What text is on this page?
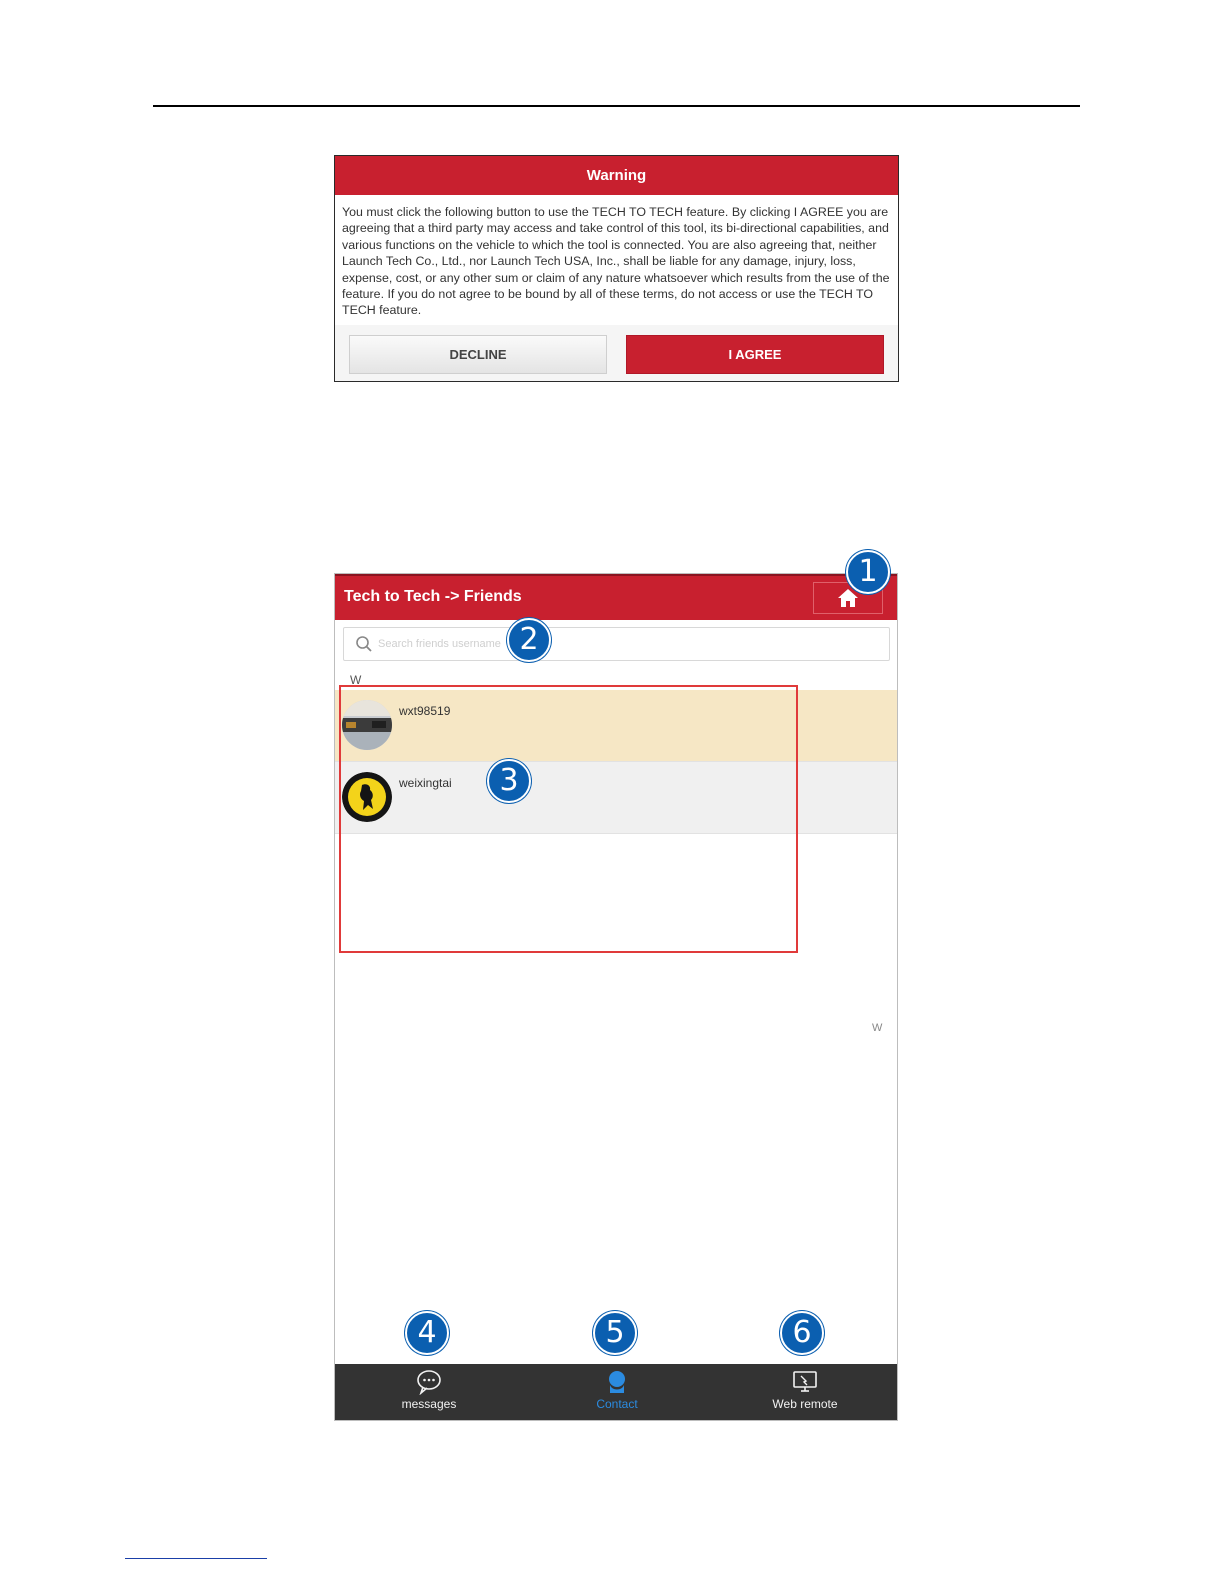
Warning
You must click the following button to use the TECH TO TECH feature. By clicking I AGREE you are agreeing that a third party may access and take control of this tool, its bi-directional capabilities, and various functions on the vehicle to which the tool is connected. You are also agreeing that, neither Launch Tech Co., Ltd., nor Launch Tech USA, Inc., shall be liable for any damage, injury, loss, expense, cost, or any other sum or claim of any nature whatsoever which results from the use of the feature. If you do not agree to be bound by all of these terms, do not access or use the TECH TO TECH feature.
DECLINE	I AGREE
Tech to Tech -> Friends
Search friends username
W
wxt98519
weixingtai
W
messages	Contact	Web remote
1
2
3
4	5	6
